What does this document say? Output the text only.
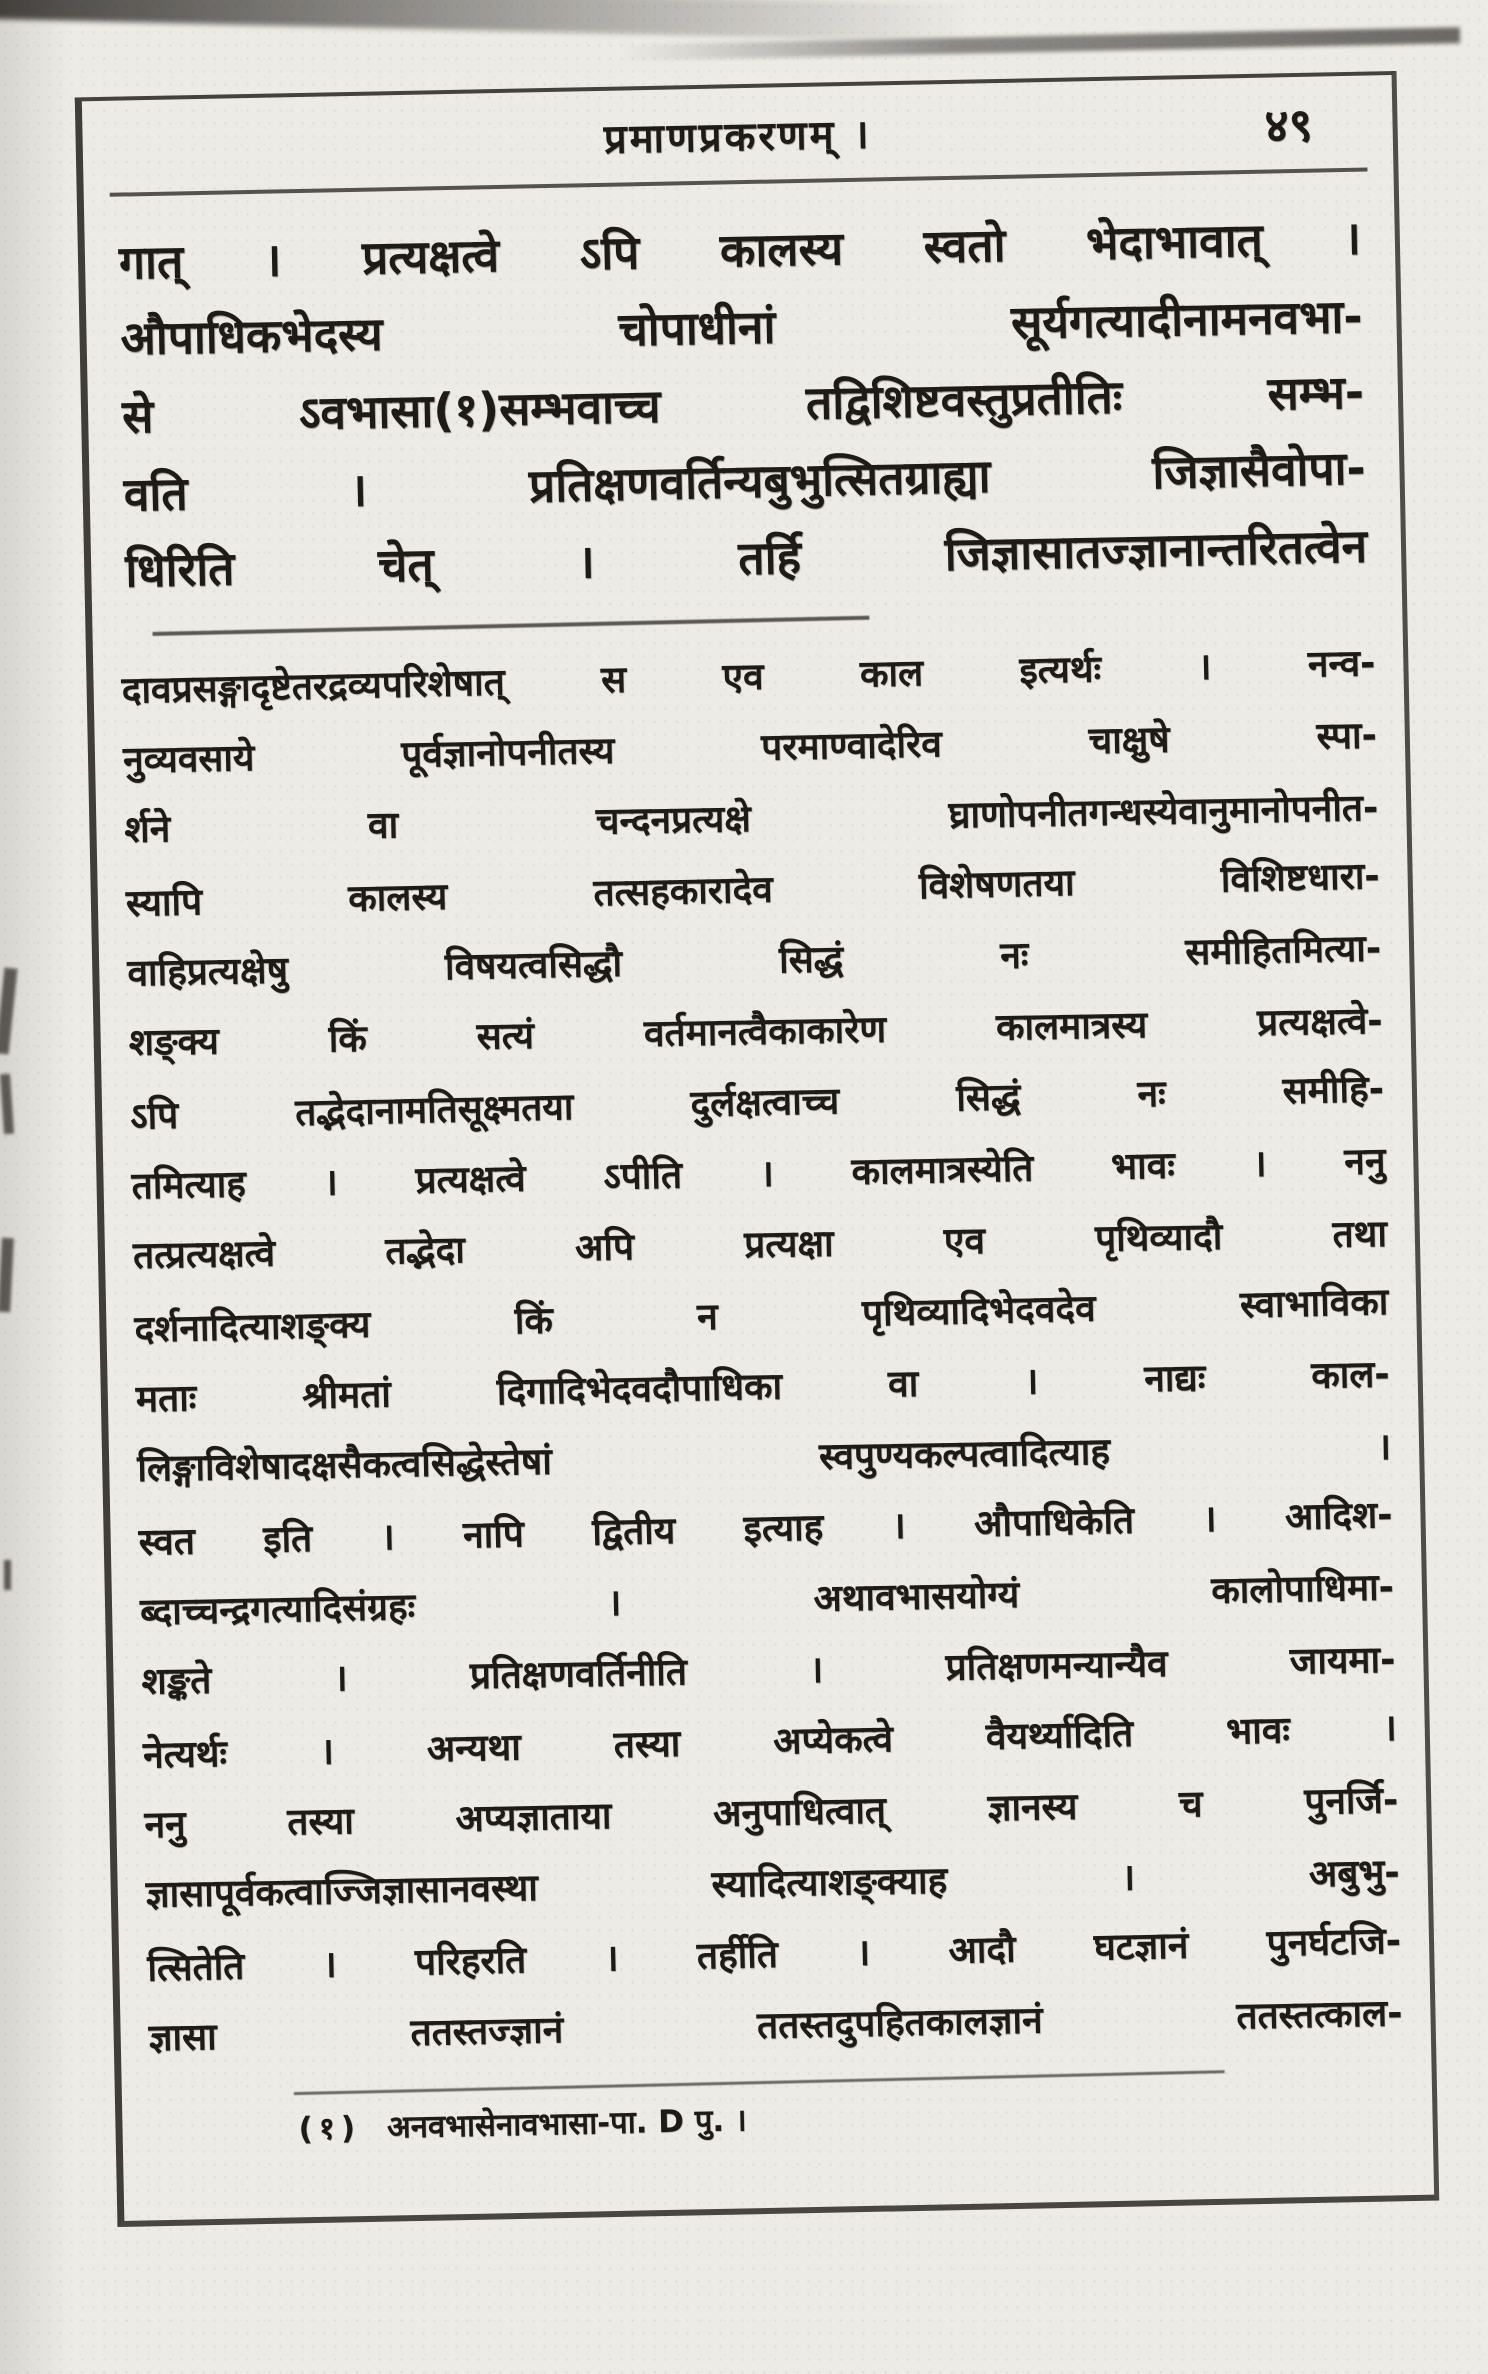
प्रमाणप्रकरणम् ।	४९
गात् । प्रत्यक्षत्वे ऽपि कालस्य स्वतो भेदाभावात् ।
औपाधिकभेदस्य चोपाधीनां सूर्यगत्यादीनामनवभा-
से ऽवभासा(१)सम्भवाच्च तद्विशिष्टवस्तुप्रतीतिः सम्भ-
वति । प्रतिक्षणवर्तिन्यबुभुत्सितग्राह्या जिज्ञासैवोपा-
धिरिति चेत् । तर्हि जिज्ञासातज्ज्ञानान्तरितत्वेन
दावप्रसङ्गादृष्टेतरद्रव्यपरिशेषात् स एव काल इत्यर्थः । नन्व-
नुव्यवसाये पूर्वज्ञानोपनीतस्य परमाण्वादेरिव चाक्षुषे स्पा-
र्शने वा चन्दनप्रत्यक्षे घ्राणोपनीतगन्धस्येवानुमानोपनीत-
स्यापि कालस्य तत्सहकारादेव विशेषणतया विशिष्टधारा-
वाहिप्रत्यक्षेषु विषयत्वसिद्धौ सिद्धं नः समीहितमित्या-
शङ्क्य किं सत्यं वर्तमानत्वैकाकारेण कालमात्रस्य प्रत्यक्षत्वे-
ऽपि तद्भेदानामतिसूक्ष्मतया दुर्लक्षत्वाच्च सिद्धं नः समीहि-
तमित्याह । प्रत्यक्षत्वे ऽपीति । कालमात्रस्येति भावः । ननु
तत्प्रत्यक्षत्वे तद्भेदा अपि प्रत्यक्षा एव पृथिव्यादौ तथा
दर्शनादित्याशङ्क्य किं न पृथिव्यादिभेदवदेव स्वाभाविका
मताः श्रीमतां दिगादिभेदवदौपाधिका वा । नाद्यः काल-
लिङ्गाविशेषादक्षसैकत्वसिद्धेस्तेषां स्वपुण्यकल्पत्वादित्याह ।
स्वत इति । नापि द्वितीय इत्याह । औपाधिकेति । आदिश-
ब्दाच्चन्द्रगत्यादिसंग्रहः । अथावभासयोग्यं कालोपाधिमा-
शङ्कते । प्रतिक्षणवर्तिनीति । प्रतिक्षणमन्यान्यैव जायमा-
नेत्यर्थः । अन्यथा तस्या अप्येकत्वे वैयर्थ्यादिति भावः ।
ननु तस्या अप्यज्ञाताया अनुपाधित्वात् ज्ञानस्य च पुनर्जि-
ज्ञासापूर्वकत्वाज्जिज्ञासानवस्था स्यादित्याशङ्क्याह । अबुभु-
त्सितेति । परिहरति । तर्हीति । आदौ घटज्ञानं पुनर्घटजि-
ज्ञासा ततस्तज्ज्ञानं ततस्तदुपहितकालज्ञानं ततस्तत्काल-
(१) अनवभासेनावभासा-पा. D पु. ।
